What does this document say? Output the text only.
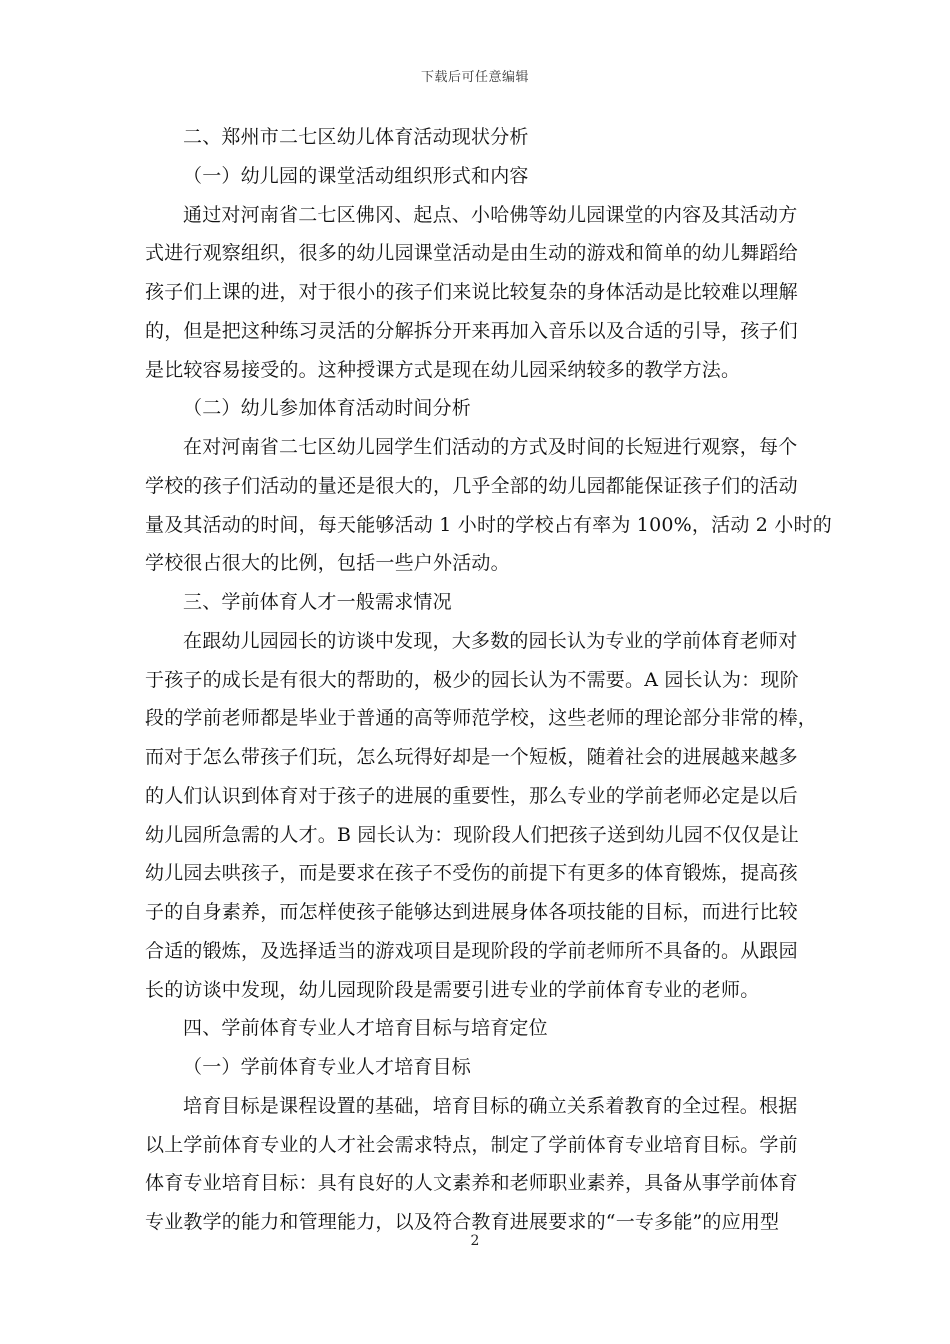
下载后可任意编辑
二、郑州市二七区幼儿体育活动现状分析
（一）幼儿园的课堂活动组织形式和内容
通过对河南省二七区佛冈、起点、小哈佛等幼儿园课堂的内容及其活动方
式进行观察组织，很多的幼儿园课堂活动是由生动的游戏和简单的幼儿舞蹈给
孩子们上课的进，对于很小的孩子们来说比较复杂的身体活动是比较难以理解
的，但是把这种练习灵活的分解拆分开来再加入音乐以及合适的引导，孩子们
是比较容易接受的。这种授课方式是现在幼儿园采纳较多的教学方法。
（二）幼儿参加体育活动时间分析
在对河南省二七区幼儿园学生们活动的方式及时间的长短进行观察，每个
学校的孩子们活动的量还是很大的，几乎全部的幼儿园都能保证孩子们的活动
量及其活动的时间，每天能够活动 1 小时的学校占有率为 100%，活动 2 小时的
学校很占很大的比例，包括一些户外活动。
三、学前体育人才一般需求情况
在跟幼儿园园长的访谈中发现，大多数的园长认为专业的学前体育老师对
于孩子的成长是有很大的帮助的，极少的园长认为不需要。A 园长认为：现阶
段的学前老师都是毕业于普通的高等师范学校，这些老师的理论部分非常的棒，
而对于怎么带孩子们玩，怎么玩得好却是一个短板，随着社会的进展越来越多
的人们认识到体育对于孩子的进展的重要性，那么专业的学前老师必定是以后
幼儿园所急需的人才。B 园长认为：现阶段人们把孩子送到幼儿园不仅仅是让
幼儿园去哄孩子，而是要求在孩子不受伤的前提下有更多的体育锻炼，提高孩
子的自身素养，而怎样使孩子能够达到进展身体各项技能的目标，而进行比较
合适的锻炼，及选择适当的游戏项目是现阶段的学前老师所不具备的。从跟园
长的访谈中发现，幼儿园现阶段是需要引进专业的学前体育专业的老师。
四、学前体育专业人才培育目标与培育定位
（一）学前体育专业人才培育目标
培育目标是课程设置的基础，培育目标的确立关系着教育的全过程。根据
以上学前体育专业的人才社会需求特点，制定了学前体育专业培育目标。学前
体育专业培育目标：具有良好的人文素养和老师职业素养，具备从事学前体育
专业教学的能力和管理能力，以及符合教育进展要求的“一专多能”的应用型
2
